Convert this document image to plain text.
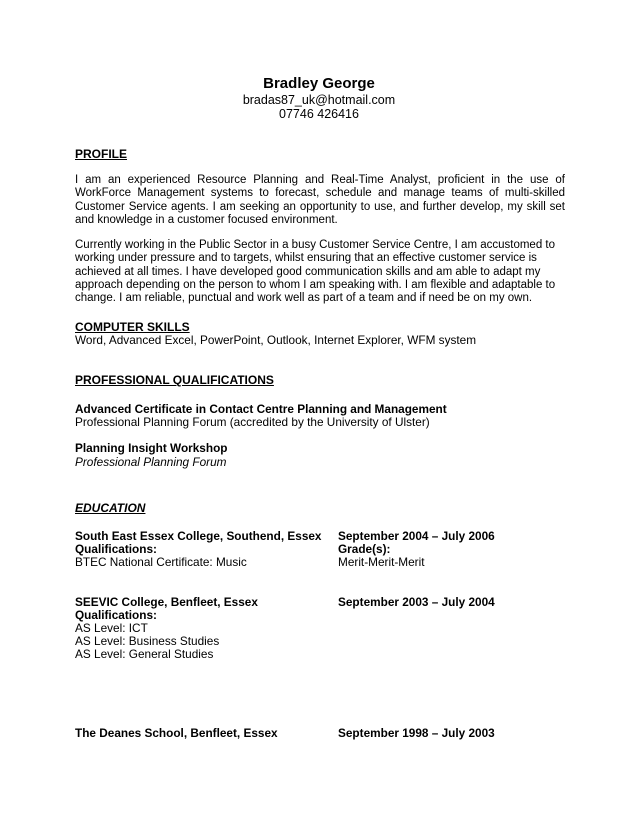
Bradley George
bradas87_uk@hotmail.com
07746 426416
PROFILE
I am an experienced Resource Planning and Real-Time Analyst, proficient in the use of WorkForce Management systems to forecast, schedule and manage teams of multi-skilled Customer Service agents. I am seeking an opportunity to use, and further develop, my skill set and knowledge in a customer focused environment.
Currently working in the Public Sector in a busy Customer Service Centre, I am accustomed to working under pressure and to targets, whilst ensuring that an effective customer service is achieved at all times. I have developed good communication skills and am able to adapt my approach depending on the person to whom I am speaking with. I am flexible and adaptable to change. I am reliable, punctual and work well as part of a team and if need be on my own.
COMPUTER SKILLS
Word, Advanced Excel, PowerPoint, Outlook, Internet Explorer, WFM system
PROFESSIONAL QUALIFICATIONS
Advanced Certificate in Contact Centre Planning and Management
Professional Planning Forum (accredited by the University of Ulster)
Planning Insight Workshop
Professional Planning Forum
EDUCATION
South East Essex College, Southend, Essex
Qualifications:
BTEC National Certificate: Music
September 2004 – July 2006
Grade(s):
Merit-Merit-Merit
SEEVIC College, Benfleet, Essex
Qualifications:
AS Level: ICT
AS Level: Business Studies
AS Level: General Studies
September 2003 – July 2004
The Deanes School, Benfleet, Essex	September 1998 – July 2003
